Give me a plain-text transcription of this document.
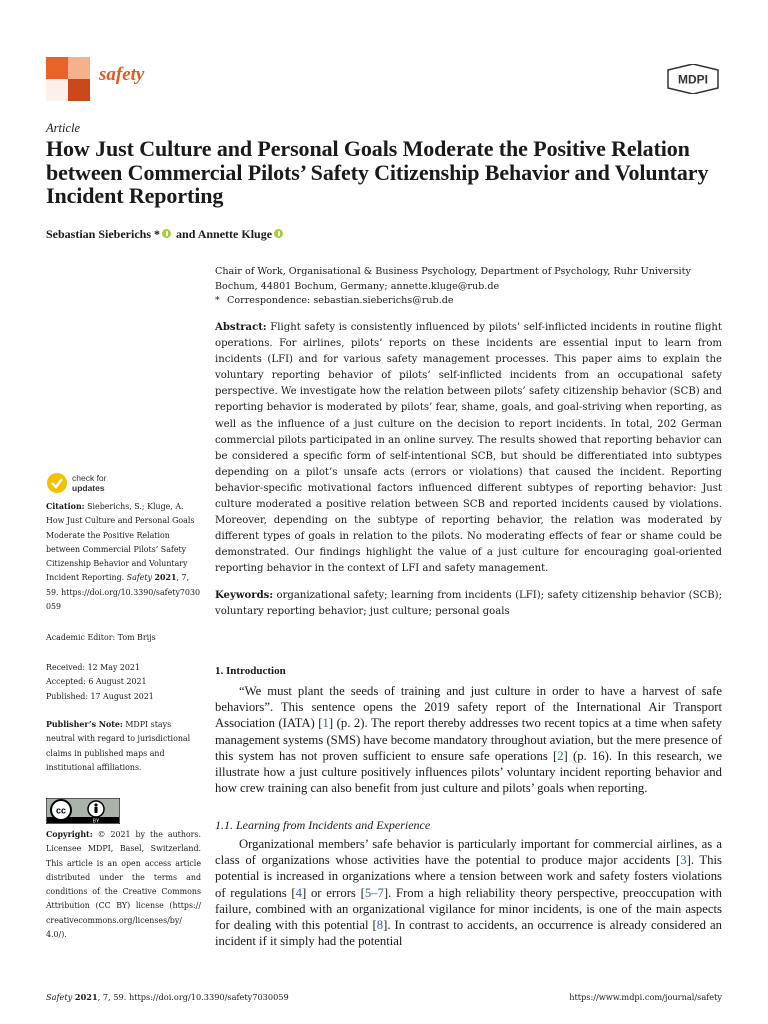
safety	MDPI
Article
How Just Culture and Personal Goals Moderate the Positive Relation between Commercial Pilots’ Safety Citizenship Behavior and Voluntary Incident Reporting
Sebastian Sieberichs * and Annette Kluge
Chair of Work, Organisational & Business Psychology, Department of Psychology, Ruhr University Bochum, 44801 Bochum, Germany; annette.kluge@rub.de
* Correspondence: sebastian.sieberichs@rub.de
Abstract: Flight safety is consistently influenced by pilots’ self-inflicted incidents in routine flight operations. For airlines, pilots’ reports on these incidents are essential input to learn from incidents (LFI) and for various safety management processes. This paper aims to explain the voluntary reporting behavior of pilots’ self-inflicted incidents from an occupational safety perspective. We investigate how the relation between pilots’ safety citizenship behavior (SCB) and reporting behavior is moderated by pilots’ fear, shame, goals, and goal-striving when reporting, as well as the influence of a just culture on the decision to report incidents. In total, 202 German commercial pilots participated in an online survey. The results showed that reporting behavior can be considered a specific form of self-intentional SCB, but should be differentiated into subtypes depending on a pilot’s unsafe acts (errors or violations) that caused the incident. Reporting behavior-specific motivational factors influenced different subtypes of reporting behavior: Just culture moderated a positive relation between SCB and reported incidents caused by violations. Moreover, depending on the subtype of reporting behavior, the relation was moderated by different types of goals in relation to the pilots. No moderating effects of fear or shame could be demonstrated. Our findings highlight the value of a just culture for encouraging goal-oriented reporting behavior in the context of LFI and safety management.
Keywords: organizational safety; learning from incidents (LFI); safety citizenship behavior (SCB); voluntary reporting behavior; just culture; personal goals
check for
updates
Citation: Sieberichs, S.; Kluge, A. How Just Culture and Personal Goals Moderate the Positive Relation between Commercial Pilots’ Safety Citizenship Behavior and Voluntary Incident Reporting. Safety 2021, 7, 59. https://doi.org/10.3390/safety7030059
Academic Editor: Tom Brijs
Received: 12 May 2021
Accepted: 6 August 2021
Published: 17 August 2021
Publisher’s Note: MDPI stays neutral with regard to jurisdictional claims in published maps and institutional affiliations.
cc
BY
Copyright: © 2021 by the authors. Licensee MDPI, Basel, Switzerland. This article is an open access article distributed under the terms and conditions of the Creative Commons Attribution (CC BY) license (https:// creativecommons.org/licenses/by/ 4.0/).
1. Introduction
“We must plant the seeds of training and just culture in order to have a harvest of safe behaviors”. This sentence opens the 2019 safety report of the International Air Transport Association (IATA) [1] (p. 2). The report thereby addresses two recent topics at a time when safety management systems (SMS) have become mandatory throughout aviation, but the mere presence of this system has not proven sufficient to ensure safe operations [2] (p. 16). In this research, we illustrate how a just culture positively influences pilots’ voluntary incident reporting behavior and how crew training can also benefit from just culture and pilots’ goals when reporting.
1.1. Learning from Incidents and Experience
Organizational members’ safe behavior is particularly important for commercial airlines, as a class of organizations whose activities have the potential to produce major accidents [3]. This potential is increased in organizations where a tension between work and safety fosters violations of regulations [4] or errors [5–7]. From a high reliability theory perspective, preoccupation with failure, combined with an organizational vigilance for minor incidents, is one of the main aspects for dealing with this potential [8]. In contrast to accidents, an occurrence is already considered an incident if it simply had the potential
Safety 2021, 7, 59. https://doi.org/10.3390/safety7030059	https://www.mdpi.com/journal/safety
